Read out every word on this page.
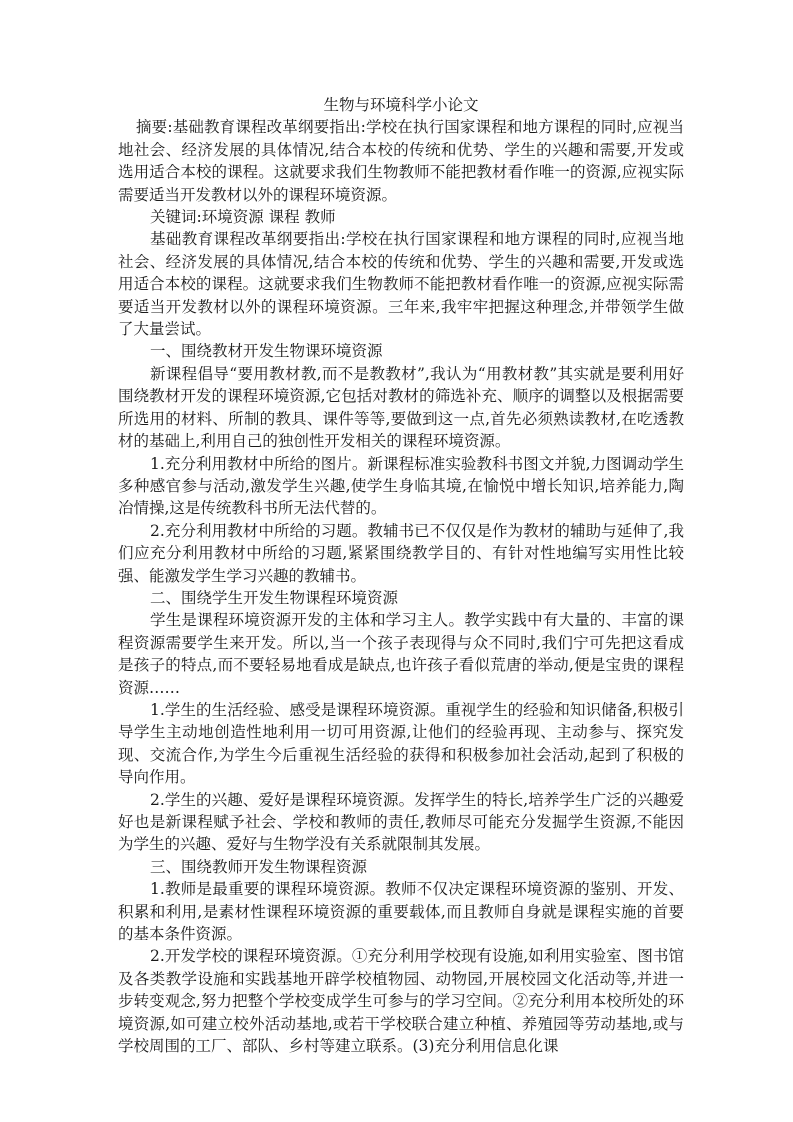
生物与环境科学小论文

摘要:基础教育课程改革纲要指出:学校在执行国家课程和地方课程的同时,应视当地社会、经济发展的具体情况,结合本校的传统和优势、学生的兴趣和需要,开发或选用适合本校的课程。这就要求我们生物教师不能把教材看作唯一的资源,应视实际需要适当开发教材以外的课程环境资源。

关键词:环境资源 课程 教师

基础教育课程改革纲要指出:学校在执行国家课程和地方课程的同时,应视当地社会、经济发展的具体情况,结合本校的传统和优势、学生的兴趣和需要,开发或选用适合本校的课程。这就要求我们生物教师不能把教材看作唯一的资源,应视实际需要适当开发教材以外的课程环境资源。三年来,我牢牢把握这种理念,并带领学生做了大量尝试。

一、围绕教材开发生物课环境资源

新课程倡导“要用教材教,而不是教教材”,我认为“用教材教”其实就是要利用好围绕教材开发的课程环境资源,它包括对教材的筛选补充、顺序的调整以及根据需要所选用的材料、所制的教具、课件等等,要做到这一点,首先必须熟读教材,在吃透教材的基础上,利用自己的独创性开发相关的课程环境资源。

1.充分利用教材中所给的图片。新课程标准实验教科书图文并貌,力图调动学生多种感官参与活动,激发学生兴趣,使学生身临其境,在愉悦中增长知识,培养能力,陶冶情操,这是传统教科书所无法代替的。

2.充分利用教材中所给的习题。教辅书已不仅仅是作为教材的辅助与延伸了,我们应充分利用教材中所给的习题,紧紧围绕教学目的、有针对性地编写实用性比较强、能激发学生学习兴趣的教辅书。

二、围绕学生开发生物课程环境资源

学生是课程环境资源开发的主体和学习主人。教学实践中有大量的、丰富的课程资源需要学生来开发。所以,当一个孩子表现得与众不同时,我们宁可先把这看成是孩子的特点,而不要轻易地看成是缺点,也许孩子看似荒唐的举动,便是宝贵的课程资源……

1.学生的生活经验、感受是课程环境资源。重视学生的经验和知识储备,积极引导学生主动地创造性地利用一切可用资源,让他们的经验再现、主动参与、探究发现、交流合作,为学生今后重视生活经验的获得和积极参加社会活动,起到了积极的导向作用。

2.学生的兴趣、爱好是课程环境资源。发挥学生的特长,培养学生广泛的兴趣爱好也是新课程赋予社会、学校和教师的责任,教师尽可能充分发掘学生资源,不能因为学生的兴趣、爱好与生物学没有关系就限制其发展。

三、围绕教师开发生物课程资源

1.教师是最重要的课程环境资源。教师不仅决定课程环境资源的鉴别、开发、积累和利用,是素材性课程环境资源的重要载体,而且教师自身就是课程实施的首要的基本条件资源。

2.开发学校的课程环境资源。①充分利用学校现有设施,如利用实验室、图书馆及各类教学设施和实践基地开辟学校植物园、动物园,开展校园文化活动等,并进一步转变观念,努力把整个学校变成学生可参与的学习空间。②充分利用本校所处的环境资源,如可建立校外活动基地,或若干学校联合建立种植、养殖园等劳动基地,或与学校周围的工厂、部队、乡村等建立联系。(3)充分利用信息化课
